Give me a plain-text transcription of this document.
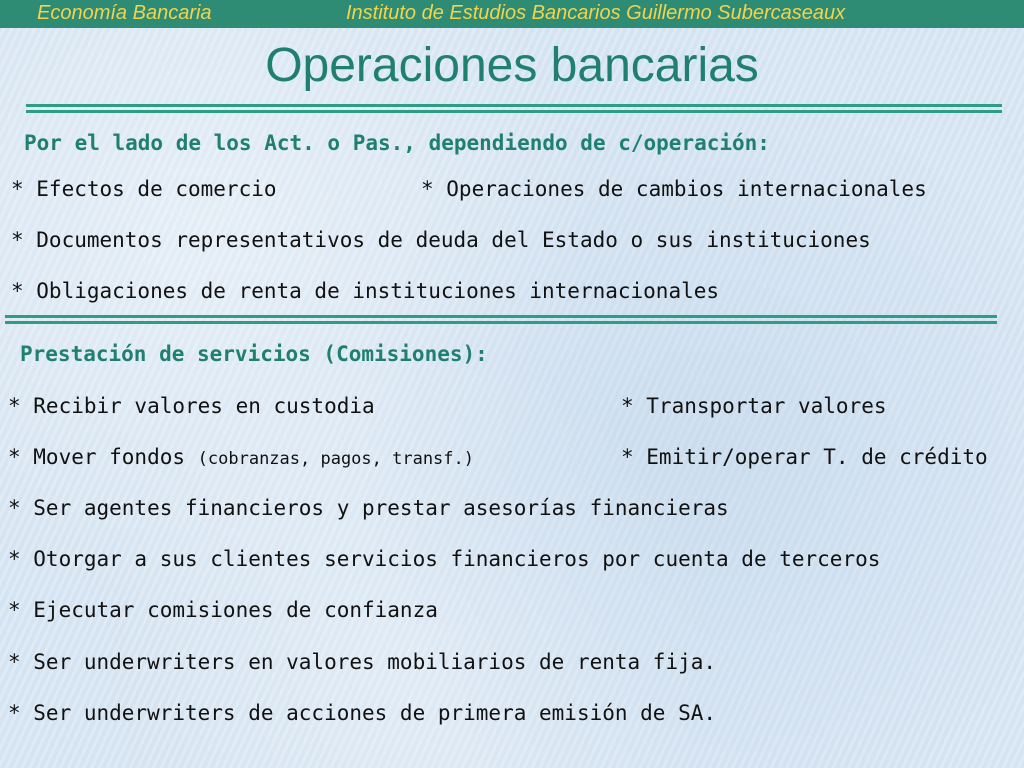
Economía Bancaria	Instituto de Estudios Bancarios Guillermo Subercaseaux
Operaciones bancarias
Por el lado de los Act. o Pas., dependiendo de c/operación:
* Efectos de comercio	* Operaciones de cambios internacionales
* Documentos representativos de deuda del Estado o sus instituciones
* Obligaciones de renta de instituciones internacionales
Prestación de servicios (Comisiones):
* Recibir valores en custodia	* Transportar valores
* Mover fondos (cobranzas, pagos, transf.)	* Emitir/operar T. de crédito
* Ser agentes financieros y prestar asesorías financieras
* Otorgar a sus clientes servicios financieros por cuenta de terceros
* Ejecutar comisiones de confianza
* Ser underwriters en valores mobiliarios de renta fija.
* Ser underwriters de acciones de primera emisión de SA.
